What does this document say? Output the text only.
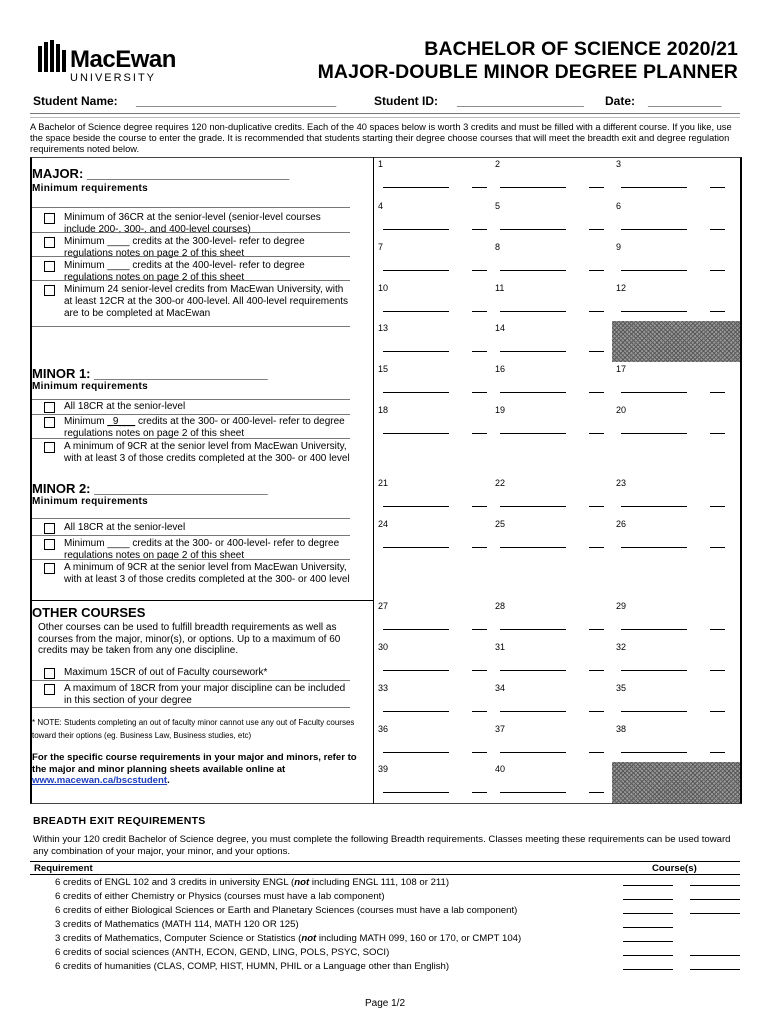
MacEwan
UNIVERSITY
BACHELOR OF SCIENCE 2020/21
MAJOR-DOUBLE MINOR DEGREE PLANNER
Student Name: ______________________________	Student ID: ___________________ Date: ___________
A Bachelor of Science degree requires 120 non-duplicative credits. Each of the 40 spaces below is worth 3 credits and must be filled with a different course. If you like, use the space beside the course to enter the grade. It is recommended that students starting their degree choose courses that will meet the breadth exit and degree regulation requirements noted below.
MAJOR: ____________________________
Minimum requirements
Minimum of 36CR at the senior-level (senior-level courses include 200-, 300-, and 400-level courses)
Minimum ____ credits at the 300-level- refer to degree regulations notes on page 2 of this sheet
Minimum ____ credits at the 400-level- refer to degree regulations notes on page 2 of this sheet
Minimum 24 senior-level credits from MacEwan University, with at least 12CR at the 300-or 400-level. All 400-level requirements are to be completed at MacEwan
MINOR 1: ________________________
Minimum requirements
All 18CR at the senior-level
Minimum _9___ credits at the 300- or 400-level- refer to degree regulations notes on page 2 of this sheet
A minimum of 9CR at the senior level from MacEwan University, with at least 3 of those credits completed at the 300- or 400 level
MINOR 2: ________________________
Minimum requirements
All 18CR at the senior-level
Minimum ____ credits at the 300- or 400-level- refer to degree regulations notes on page 2 of this sheet
A minimum of 9CR at the senior level from MacEwan University, with at least 3 of those credits completed at the 300- or 400 level
OTHER COURSES
Other courses can be used to fulfill breadth requirements as well as courses from the major, minor(s), or options. Up to a maximum of 60 credits may be taken from any one discipline.
Maximum 15CR of out of Faculty coursework*
A maximum of 18CR from your major discipline can be included in this section of your degree
* NOTE: Students completing an out of faculty minor cannot use any out of Faculty courses toward their options (eg. Business Law, Business studies, etc)
For the specific course requirements in your major and minors, refer to the major and minor planning sheets available online at www.macewan.ca/bscstudent.
1	2	3
4	5	6
7	8	9
10	11	12
13	14
15	16	17
18	19	20
21	22	23
24	25	26
27	28	29
30	31	32
33	34	35
36	37	38
39	40
BREADTH EXIT REQUIREMENTS
Within your 120 credit Bachelor of Science degree, you must complete the following Breadth requirements. Classes meeting these requirements can be used toward any combination of your major, your minor, and your options.
Requirement	Course(s)
6 credits of ENGL 102 and 3 credits in university ENGL (not including ENGL 111, 108 or 211)
6 credits of either Chemistry or Physics (courses must have a lab component)
6 credits of either Biological Sciences or Earth and Planetary Sciences (courses must have a lab component)
3 credits of Mathematics (MATH 114, MATH 120 OR 125)
3 credits of Mathematics, Computer Science or Statistics (not including MATH 099, 160 or 170, or CMPT 104)
6 credits of social sciences (ANTH, ECON, GEND, LING, POLS, PSYC, SOCI)
6 credits of humanities (CLAS, COMP, HIST, HUMN, PHIL or a Language other than English)
Page 1/2
